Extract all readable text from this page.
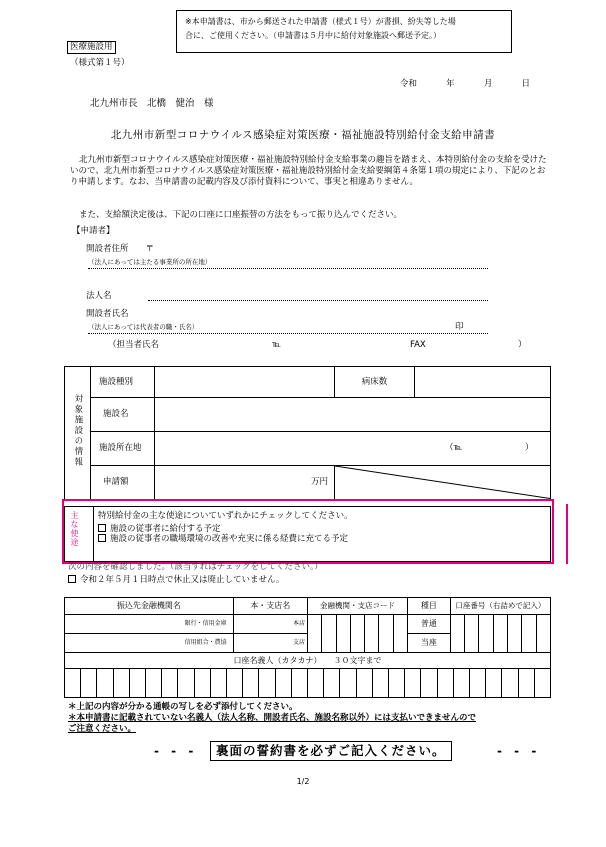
※本申請書は、市から郵送された申請書（様式１号）が書損、紛失等した場
合に、ご使用ください。（申請書は５月中に給付対象施設へ郵送予定。）
医療施設用
（様式第１号）
令和	年	月	日
北九州市長　北橋　健治　様
北九州市新型コロナウイルス感染症対策医療・福祉施設特別給付金支給申請書
北九州市新型コロナウイルス感染症対策医療・福祉施設特別給付金支給事業の趣旨を踏まえ、本特別給付金の支給を受けたいので、北九州市新型コロナウイルス感染症対策医療・福祉施設特別給付金支給要綱第４条第１項の規定により、下記のとおり申請します。なお、当申請書の記載内容及び添付資料について、事実と相違ありません。
また、支給額決定後は、下記の口座に口座振替の方法をもって振り込んでください。
【申請者】
開設者住所　　〒
（法人にあっては主たる事業所の所在地）
法人名
開設者氏名
（法人にあっては代表者の職・氏名）	印
（担当者氏名	℡	FAX	）
対象施設の情報	施設種別		病床数	
	施設名			
	施設所在地	（℡ ）		

	申請額	万円	
主な使途 特別給付金の主な使途についていずれかにチェックしてください。
施設の従事者に給付する予定
施設の従事者の職場環境の改善や充実に係る経費に充てる予定
次の内容を確認しました。（該当すればチェックをしてください。）
令和２年５月１日時点で休止又は廃止していません。
振込先金融機関名	本・支店名	金融機関・支店コード							種目	口座番号（右詰めで記入）						
銀行・信用金庫	本店								普通							
信用組合・農協	支店								当座							
口座名義人（カタカナ）　　３０文字まで																
＊上記の内容が分かる通帳の写しを必ず添付してください。
＊本申請書に記載されていない名義人（法人名称、開設者氏名、施設名称以外）には支払いできませんので
ご注意ください。
- - -	裏面の誓約書を必ずご記入ください。	- - -
1/2
